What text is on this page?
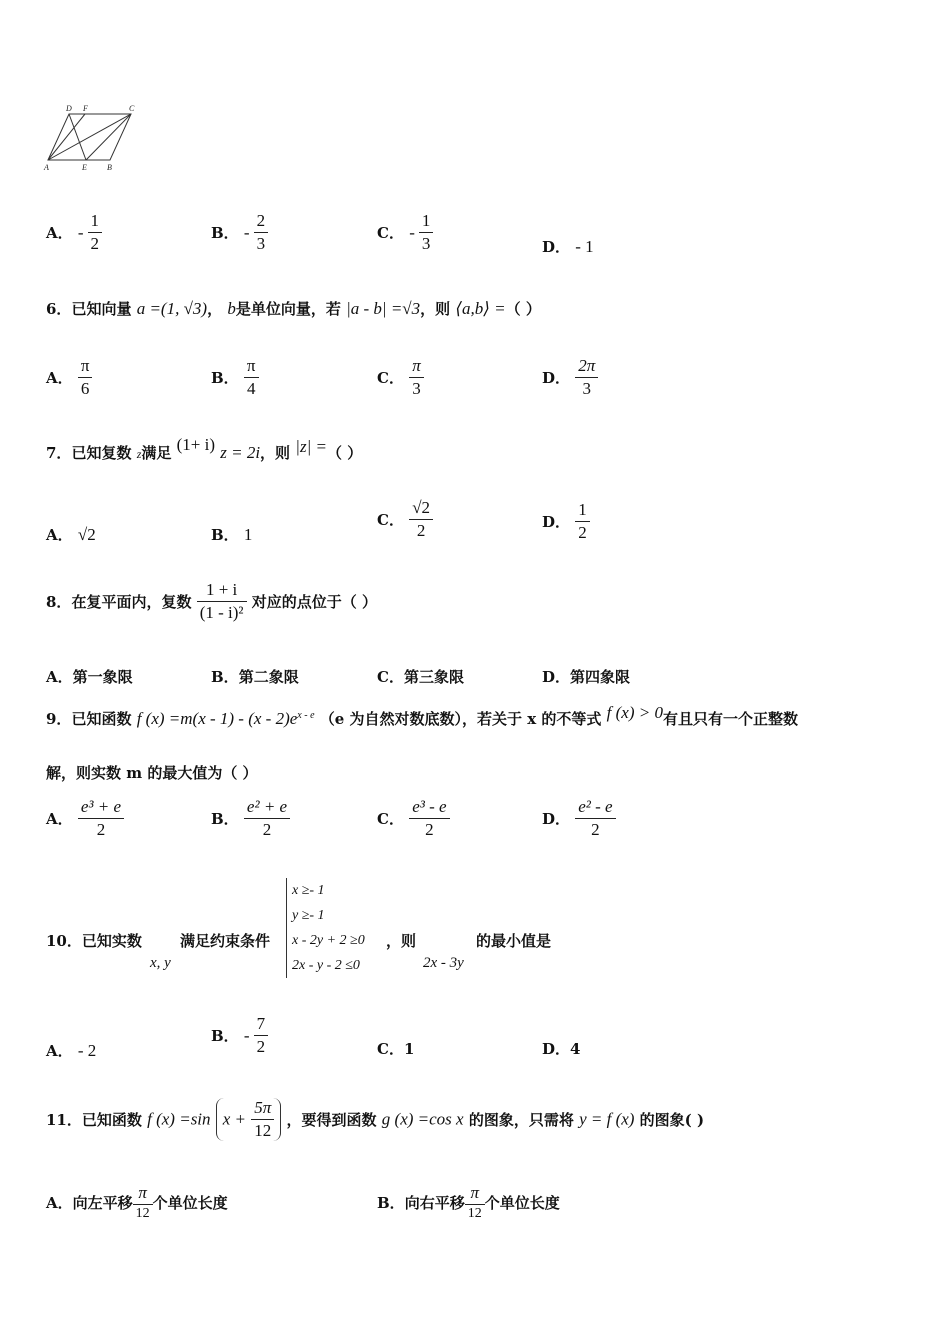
D F	C
A	E	B
A． - $\frac{1}{2}$	B． - $\frac{2}{3}$	C． - $\frac{1}{3}$	D． - 1
6．已知向量 a =(1, √3)， b是单位向量，若 |a - b| =√3，则 ⟨a,b⟩ =（ ）
A． $\frac{\pi}{6}$	B． $\frac{\pi}{4}$	C． $\frac{\pi}{3}$	D． $\frac{2\pi}{3}$
7．已知复数 z满足 (1+ i) z = 2i，则 |z| =（ ）
A． √2	B． 1
C． $\frac{√2}{2}$	D． $\frac{1}{2}$
8．在复平面内，复数 $\frac{1 + i}{\text{(1 - i)²}}$ 对应的点位于（ ）
A．第一象限	B．第二象限	C．第三象限	D．第四象限
9．已知函数 f $(x) =m(x - 1) - (x - 2)e^{x - e}$ （e 为自然对数底数），若关于 x 的不等式 f (x) > 0有且只有一个正整数
解，则实数 m 的最大值为（ ）
A． $\frac{\text{e³ + e}}{2}$	B． $\frac{\text{e² + e}}{2}$	C． $\frac{\text{e³ - e}}{2}$	D． $\frac{\text{e² - e}}{2}$
10．已知实数
x, y
满足约束条件
x ≥- 1
y ≥- 1
x - 2y + 2 ≥0
2x - y - 2 ≤0
，则
2x - 3y
的最小值是
A． - 2
B． - $\frac{7}{2}$	C．1	D．4
11．已知函数 f (x) =sin $x + \frac{5\pi}{12}$ ，要得到函数 g (x) =cos x 的图象，只需将 y = f (x) 的图象( )
A．向左平移 $\frac{\pi}{12}$ 个单位长度	B．向右平移 $\frac{\pi}{12}$ 个单位长度
